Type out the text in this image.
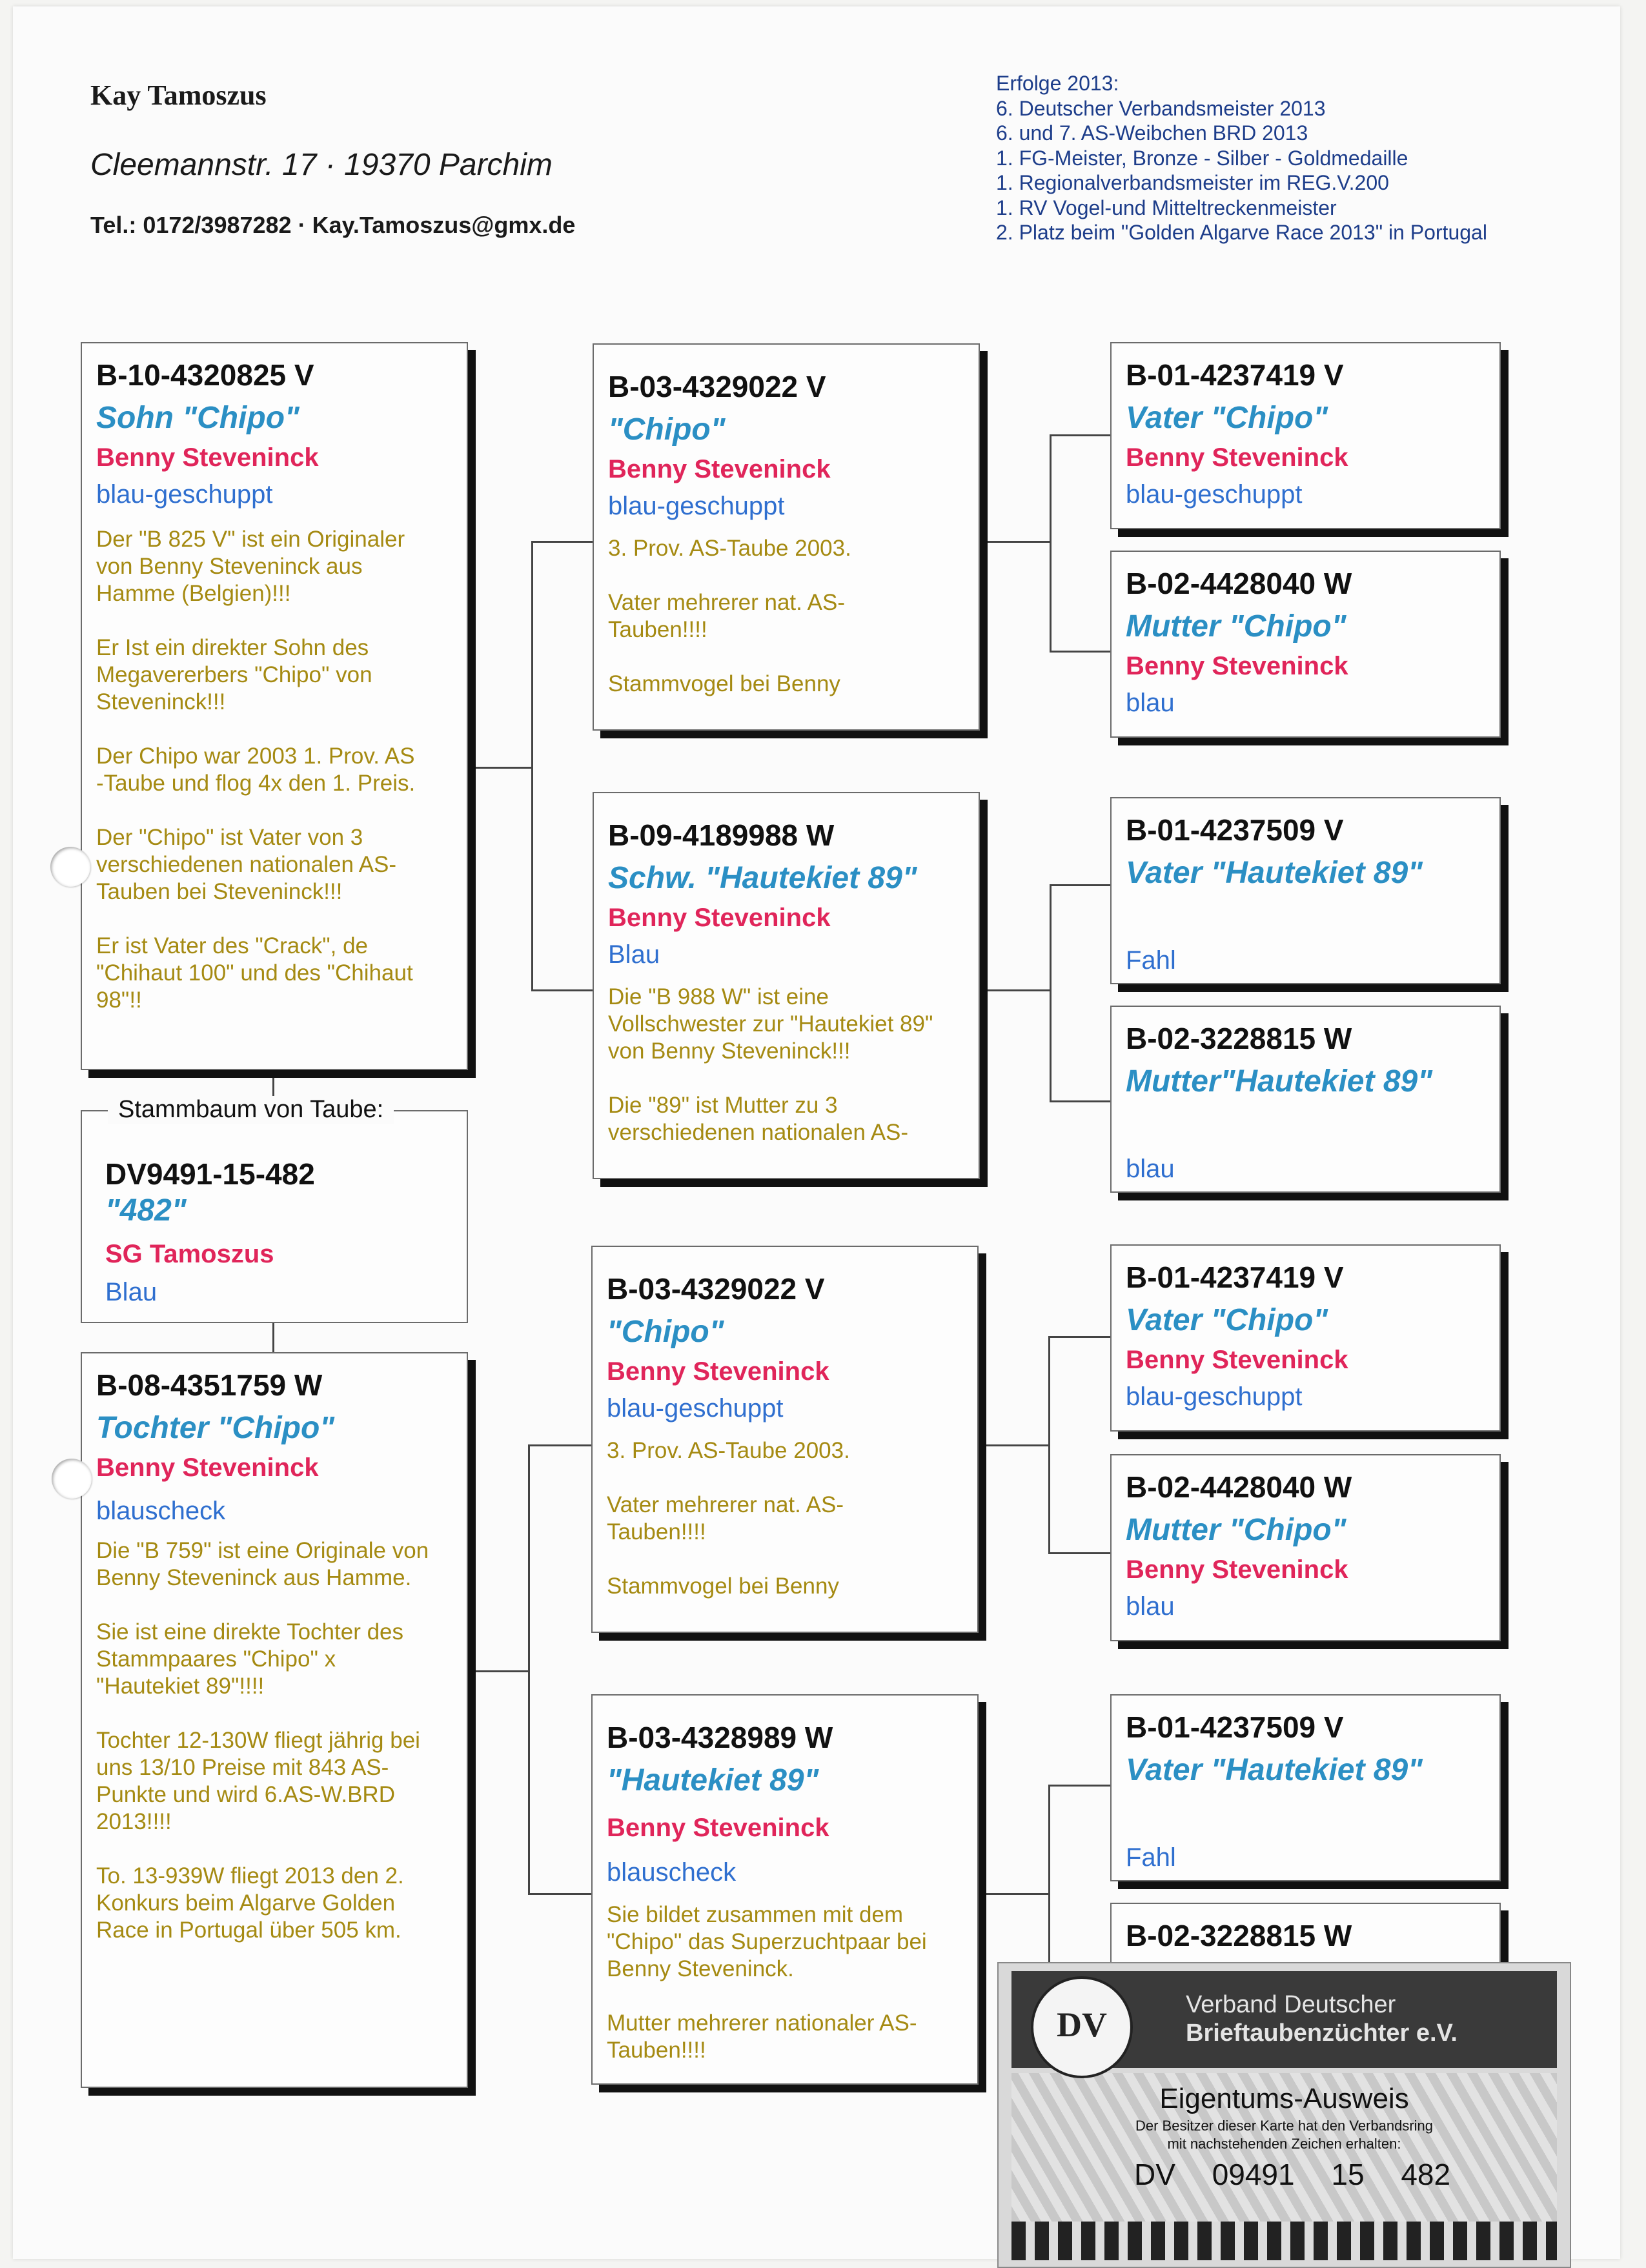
Kay Tamoszus
Cleemannstr. 17 · 19370 Parchim
Tel.: 0172/3987282 · Kay.Tamoszus@gmx.de
Erfolge 2013:
6. Deutscher Verbandsmeister 2013
6. und 7. AS-Weibchen BRD 2013
1. FG-Meister, Bronze - Silber - Goldmedaille
1. Regionalverbandsmeister im REG.V.200
1. RV Vogel-und Mitteltreckenmeister
2. Platz beim "Golden Algarve Race 2013" in Portugal
B-10-4320825 V
Sohn "Chipo"
Benny Steveninck
blau-geschuppt

Der "B 825 V" ist ein Originaler
von Benny Steveninck aus
Hamme (Belgien)!!!

Er Ist ein direkter Sohn des
Megavererbers "Chipo" von
Steveninck!!!

Der Chipo war 2003 1. Prov. AS
-Taube und flog 4x den 1. Preis.

Der "Chipo" ist Vater von 3
verschiedenen nationalen AS-
Tauben bei Steveninck!!!

Er ist Vater des "Crack", de
"Chihaut 100" und des "Chihaut
98"!!

Stammbaum von Taube:
DV9491-15-482
"482"
SG Tamoszus
Blau
B-08-4351759 W
Tochter "Chipo"
Benny Steveninck
blauscheck

Die "B 759" ist eine Originale von
Benny Steveninck aus Hamme.

Sie ist eine direkte Tochter des
Stammpaares "Chipo" x
"Hautekiet 89"!!!!

Tochter 12-130W fliegt jährig bei
uns 13/10 Preise mit 843 AS-
Punkte und wird 6.AS-W.BRD
2013!!!!

To. 13-939W fliegt 2013 den 2.
Konkurs beim Algarve Golden
Race in Portugal über 505 km.

B-03-4329022 V
"Chipo"
Benny Steveninck
blau-geschuppt

3. Prov. AS-Taube 2003.

Vater mehrerer nat. AS-
Tauben!!!!

Stammvogel bei Benny

B-09-4189988 W
Schw. "Hautekiet 89"
Benny Steveninck
Blau

Die "B 988 W" ist eine
Vollschwester zur "Hautekiet 89"
von Benny Steveninck!!!

Die "89" ist Mutter zu 3
verschiedenen nationalen AS-

B-03-4329022 V
"Chipo"
Benny Steveninck
blau-geschuppt

3. Prov. AS-Taube 2003.

Vater mehrerer nat. AS-
Tauben!!!!

Stammvogel bei Benny

B-03-4328989 W
"Hautekiet 89"
Benny Steveninck
blauscheck

Sie bildet zusammen mit dem
"Chipo" das Superzuchtpaar bei
Benny Steveninck.

Mutter mehrerer nationaler AS-
Tauben!!!!

B-01-4237419 V
Vater "Chipo"
Benny Steveninck
blau-geschuppt
B-02-4428040 W
Mutter "Chipo"
Benny Steveninck
blau
B-01-4237509 V
Vater "Hautekiet 89"
Fahl
B-02-3228815 W
Mutter"Hautekiet 89"
blau
B-01-4237419 V
Vater "Chipo"
Benny Steveninck
blau-geschuppt
B-02-4428040 W
Mutter "Chipo"
Benny Steveninck
blau
B-01-4237509 V
Vater "Hautekiet 89"
Fahl
B-02-3228815 W
DV
Verband Deutscher
Brieftaubenzüchter e.V.
Eigentums-Ausweis
Der Besitzer dieser Karte hat den Verbandsring
mit nachstehenden Zeichen erhalten:
DV 09491 15 482
